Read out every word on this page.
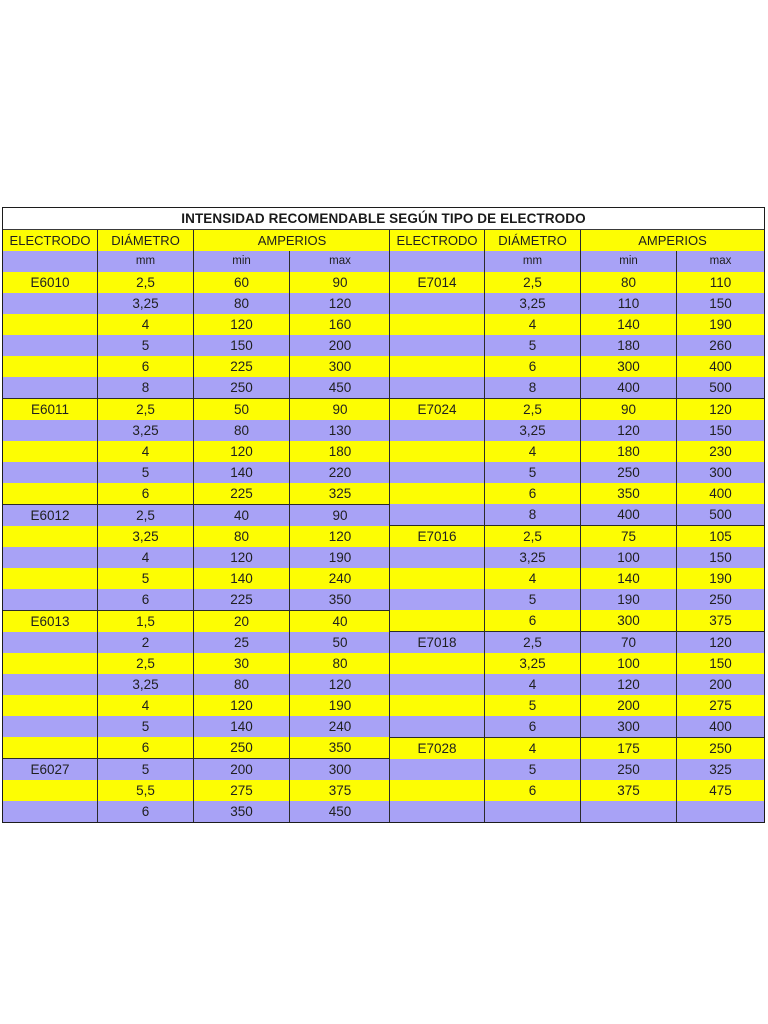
INTENSIDAD RECOMENDABLE SEGÚN TIPO DE ELECTRODO
ELECTRODO	DIÁMETRO	AMPERIOS
mm	min	max
E6010	2,5	60	90
3,25	80	120
4	120	160
5	150	200
6	225	300
8	250	450
E6011	2,5	50	90
3,25	80	130
4	120	180
5	140	220
6	225	325
E6012	2,5	40	90
3,25	80	120
4	120	190
5	140	240
6	225	350
E6013	1,5	20	40
2	25	50
2,5	30	80
3,25	80	120
4	120	190
5	140	240
6	250	350
E6027	5	200	300
5,5	275	375
6	350	450
ELECTRODO	DIÁMETRO	AMPERIOS
mm	min	max
E7014	2,5	80	110
3,25	110	150
4	140	190
5	180	260
6	300	400
8	400	500
E7024	2,5	90	120
3,25	120	150
4	180	230
5	250	300
6	350	400
8	400	500
E7016	2,5	75	105
3,25	100	150
4	140	190
5	190	250
6	300	375
E7018	2,5	70	120
3,25	100	150
4	120	200
5	200	275
6	300	400
E7028	4	175	250
5	250	325
6	375	475
